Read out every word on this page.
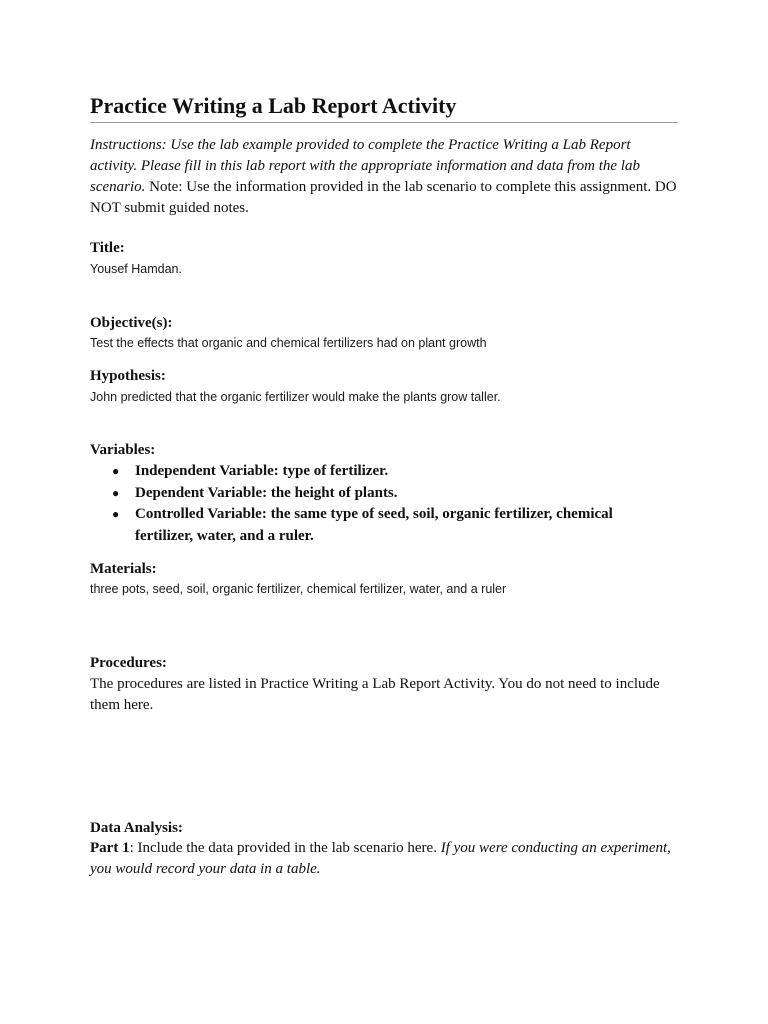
Practice Writing a Lab Report Activity
Instructions: Use the lab example provided to complete the Practice Writing a Lab Report activity. Please fill in this lab report with the appropriate information and data from the lab scenario. Note: Use the information provided in the lab scenario to complete this assignment. DO NOT submit guided notes.
Title:
Yousef Hamdan.
Objective(s):
Test the effects that organic and chemical fertilizers had on plant growth
Hypothesis:
John predicted that the organic fertilizer would make the plants grow taller.
Variables:
● Independent Variable: type of fertilizer.
● Dependent Variable: the height of plants.
● Controlled Variable: the same type of seed, soil, organic fertilizer, chemical fertilizer, water, and a ruler.
Materials:
three pots, seed, soil, organic fertilizer, chemical fertilizer, water, and a ruler
Procedures:
The procedures are listed in Practice Writing a Lab Report Activity. You do not need to include them here.
Data Analysis:
Part 1: Include the data provided in the lab scenario here. If you were conducting an experiment, you would record your data in a table.
